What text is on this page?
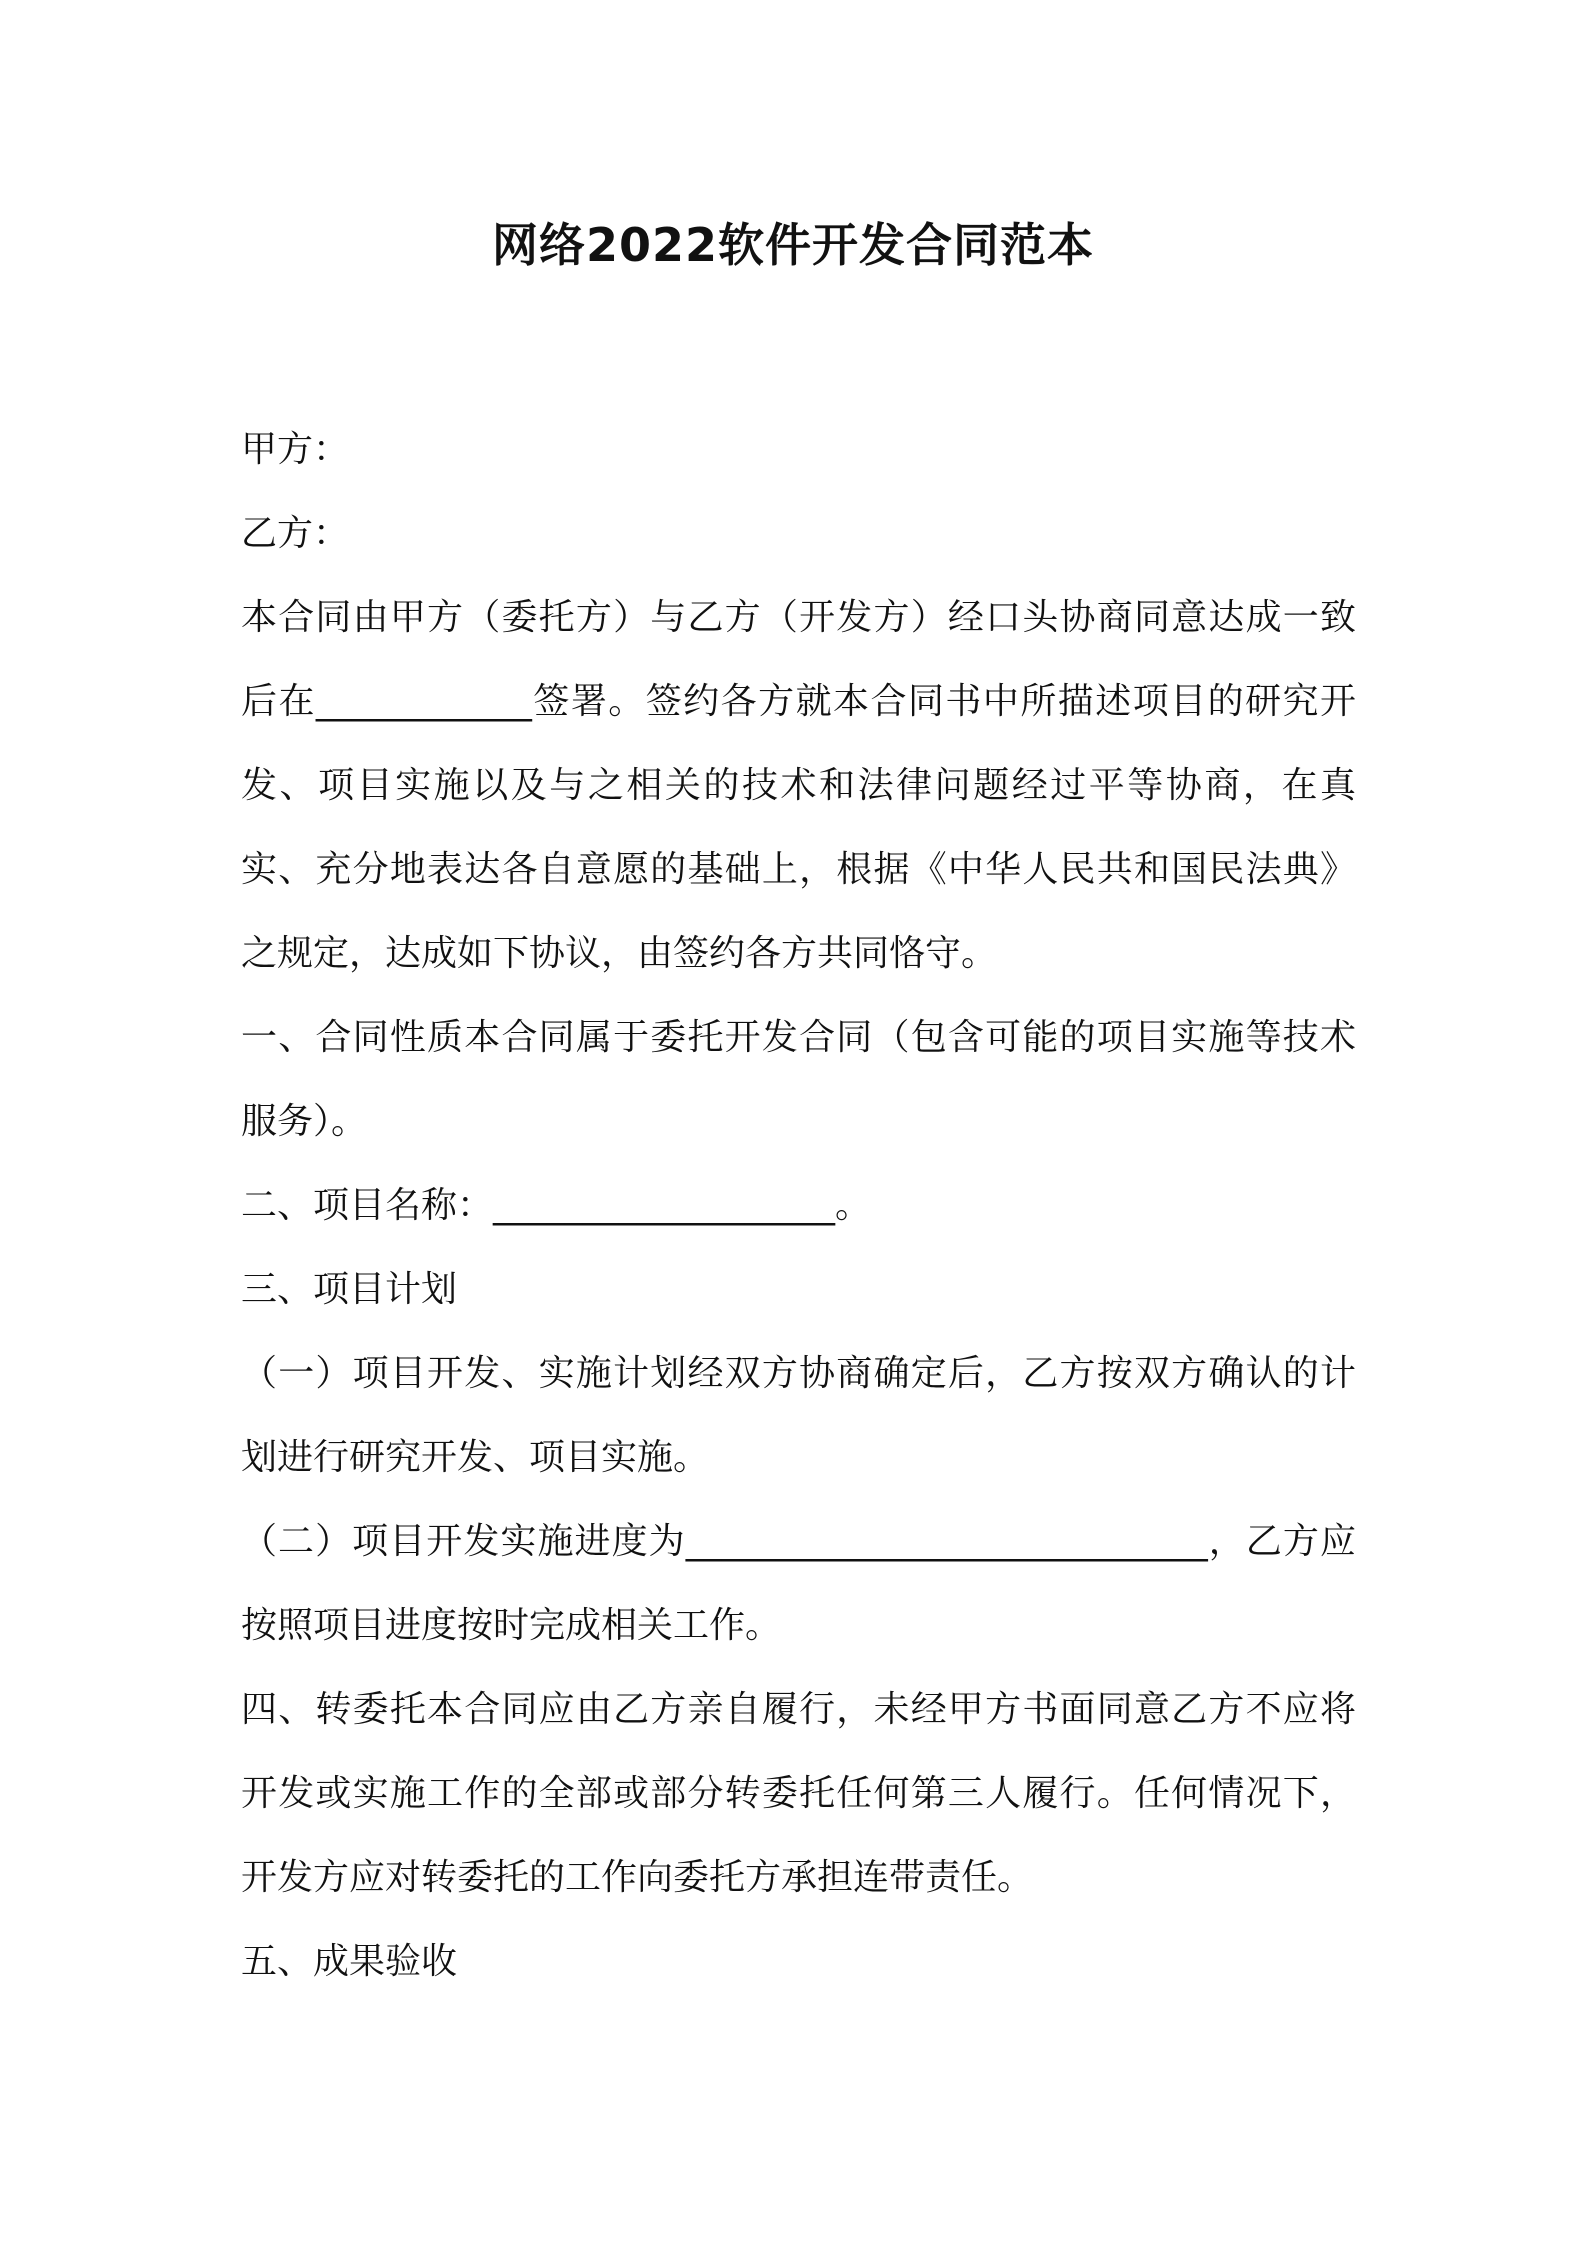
网络2022软件开发合同范本

甲方：

乙方：

本合同由甲方（委托方）与乙方（开发方）经口头协商同意达成一致后在____________签署。签约各方就本合同书中所描述项目的研究开发、项目实施以及与之相关的技术和法律问题经过平等协商，在真实、充分地表达各自意愿的基础上，根据《中华人民共和国民法典》之规定，达成如下协议，由签约各方共同恪守。

一、合同性质本合同属于委托开发合同（包含可能的项目实施等技术服务）。

二、项目名称：___________________。

三、项目计划

（一）项目开发、实施计划经双方协商确定后，乙方按双方确认的计划进行研究开发、项目实施。

（二）项目开发实施进度为_____________________________，乙方应按照项目进度按时完成相关工作。

四、转委托本合同应由乙方亲自履行，未经甲方书面同意乙方不应将开发或实施工作的全部或部分转委托任何第三人履行。任何情况下，开发方应对转委托的工作向委托方承担连带责任。

五、成果验收
